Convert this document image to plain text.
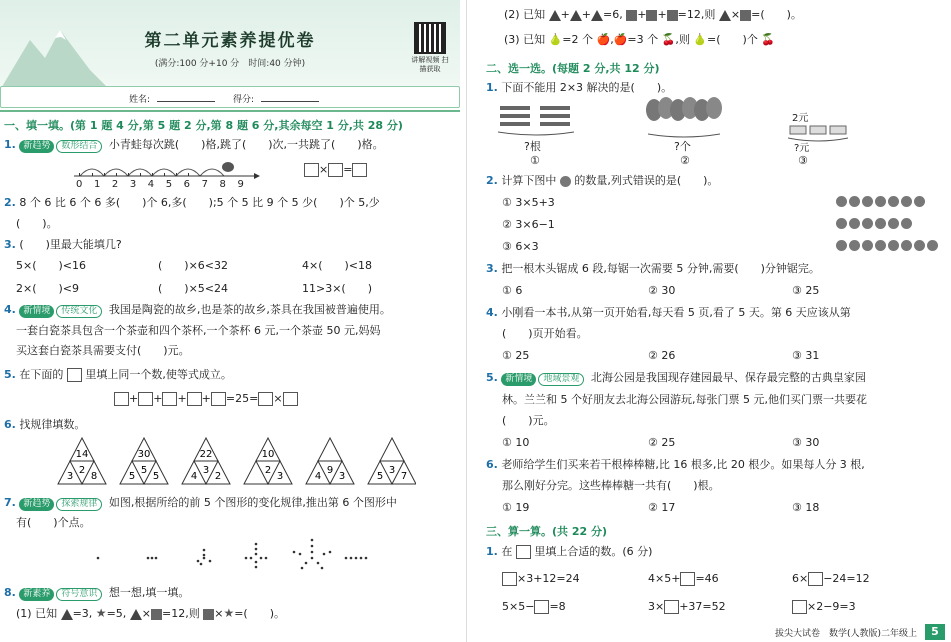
第二单元素养提优卷
(满分:100 分+10 分　时间:40 分钟)	讲解视频 扫描获取
姓名:	得分:
一、填一填。(第 1 题 4 分,第 5 题 2 分,第 8 题 6 分,其余每空 1 分,共 28 分)
1. 新趋势 数形结合 小青蛙每次跳(　　)格,跳了(　　)次,一共跳了(　　)格。
0 1 2 3 4 5 6 7 8 9
× =
2. 8 个 6 比 6 个 6 多(　　)个 6,多(　　);5 个 5 比 9 个 5 少(　　)个 5,少
(　　)。
3. (　　)里最大能填几?
5×(　　)<16	(　　)×6<32	4×(　　)<18
2×(　　)<9	(　　)×5<24	11>3×(　　)
4. 新情境 传统文化 我国是陶瓷的故乡,也是茶的故乡,茶具在我国被普遍使用。
一套白瓷茶具包含一个茶壶和四个茶杯,一个茶杯 6 元,一个茶壶 50 元,妈妈
买这套白瓷茶具需要支付(　　)元。
5. 在下面的 里填上同一个数,使等式成立。
+ + + + =25= ×
6. 找规律填数。
14
3
2
8
30
5
5
5
22
4
3
2
10
2
3	4
9
3	5
3
7
7. 新趋势 探索规律 如图,根据所给的前 5 个图形的变化规律,推出第 6 个图形中
有(　　)个点。
8. 新素养 符号意识 想一想,填一填。
(1) 已知 =3, ★=5, × =12,则 ×★=(　　)。
(2) 已知 + + =6, + + =12,则 × =(　　)。
(3) 已知 🍐=2 个 🍎,🍎=3 个 🍒,则 🍐=(　　)个 🍒
二、选一选。(每题 2 分,共 12 分)
1. 下面不能用 2×3 解决的是(　　)。
?根
①
?个
②
2元
?元
③
2. 计算下图中 的数量,列式错误的是(　　)。
① 3×5+3
② 3×6−1
③ 6×3
3. 把一根木头锯成 6 段,每锯一次需要 5 分钟,需要(　　)分钟锯完。
① 6	② 30	③ 25
4. 小刚看一本书,从第一页开始看,每天看 5 页,看了 5 天。第 6 天应该从第
(　　)页开始看。
① 25	② 26	③ 31
5. 新情境 地域景观 北海公园是我国现存建园最早、保存最完整的古典皇家园
林。兰兰和 5 个好朋友去北海公园游玩,每张门票 5 元,他们买门票一共要花
(　　)元。
① 10	② 25	③ 30
6. 老师给学生们买来若干根棒棒糖,比 16 根多,比 20 根少。如果每人分 3 根,
那么刚好分完。这些棒棒糖一共有(　　)根。
① 19	② 17	③ 18
三、算一算。(共 22 分)
1. 在 里填上合适的数。(6 分)
×3+12=24	4×5+ =46	6× −24=12
5×5− =8	3× +37=52	×2−9=3
拔尖大试卷　数学(人教版)二年级上	5
